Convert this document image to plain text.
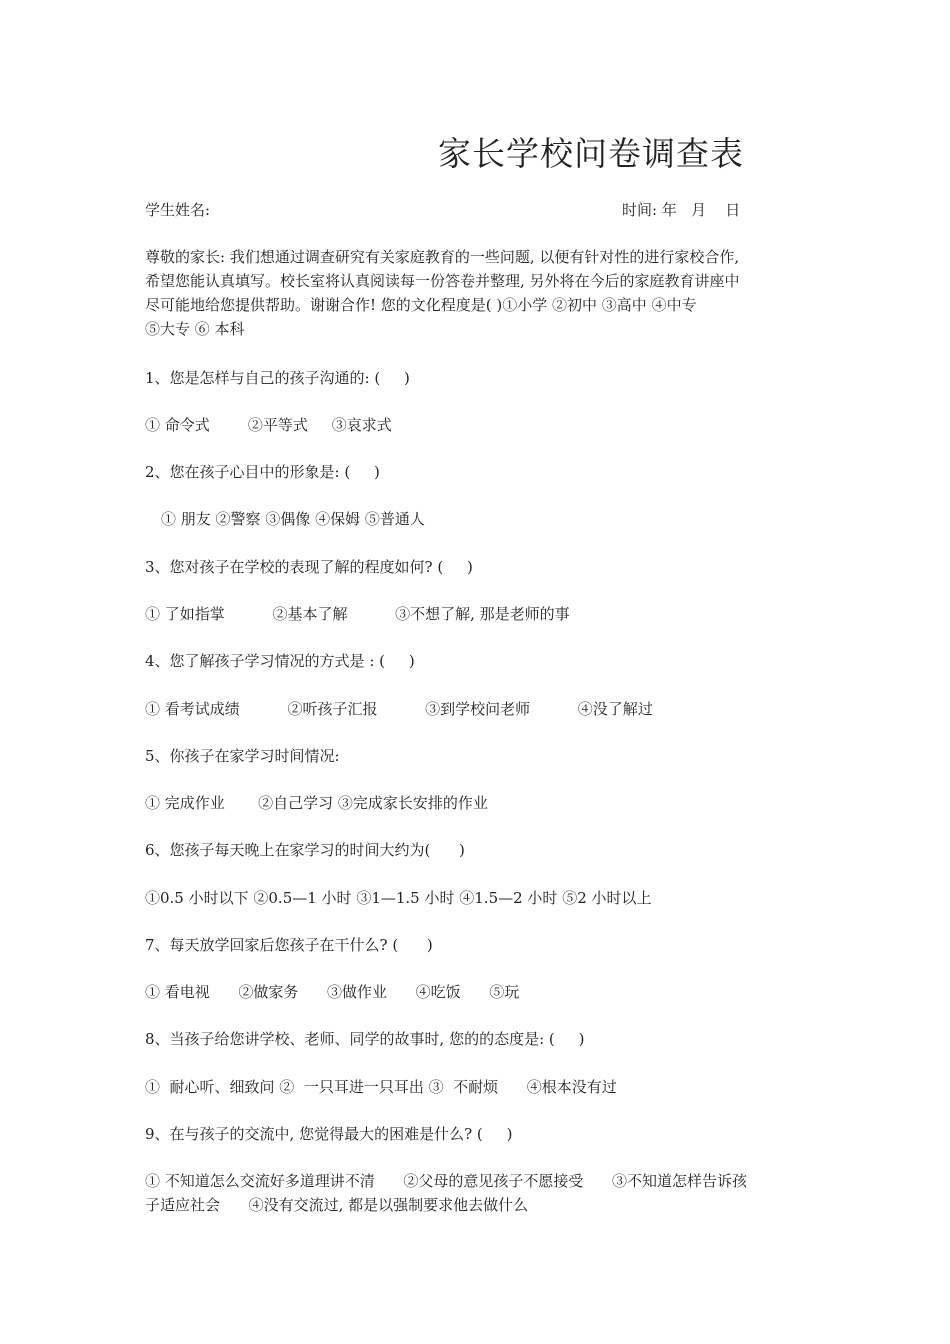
家长学校问卷调查表
学生姓名:	时间: 年   月    日
尊敬的家长: 我们想通过调查研究有关家庭教育的一些问题, 以便有针对性的进行家校合作,
希望您能认真填写。校长室将认真阅读每一份答卷并整理, 另外将在今后的家庭教育讲座中
尽可能地给您提供帮助。谢谢合作! 您的文化程度是( )①小学 ②初中 ③高中 ④中专
⑤大专 ⑥ 本科
1、您是怎样与自己的孩子沟通的: (     )
① 命令式        ②平等式     ③哀求式
2、您在孩子心目中的形象是: (     )
① 朋友 ②警察 ③偶像 ④保姆 ⑤普通人
3、您对孩子在学校的表现了解的程度如何? (     )
① 了如指掌          ②基本了解          ③不想了解, 那是老师的事
4、您了解孩子学习情况的方式是 : (     )
① 看考试成绩          ②听孩子汇报          ③到学校问老师          ④没了解过
5、你孩子在家学习时间情况:
① 完成作业       ②自己学习 ③完成家长安排的作业
6、您孩子每天晚上在家学习的时间大约为(      )
①0.5 小时以下 ②0.5—1 小时 ③1—1.5 小时 ④1.5—2 小时 ⑤2 小时以上
7、每天放学回家后您孩子在干什么? (      )
① 看电视      ②做家务      ③做作业      ④吃饭      ⑤玩
8、当孩子给您讲学校、老师、同学的故事时, 您的的态度是: (     )
①  耐心听、细致问 ②  一只耳进一只耳出 ③  不耐烦      ④根本没有过
9、在与孩子的交流中, 您觉得最大的困难是什么? (     )
① 不知道怎么交流好多道理讲不清      ②父母的意见孩子不愿接受      ③不知道怎样告诉孩
子适应社会      ④没有交流过, 都是以强制要求他去做什么
